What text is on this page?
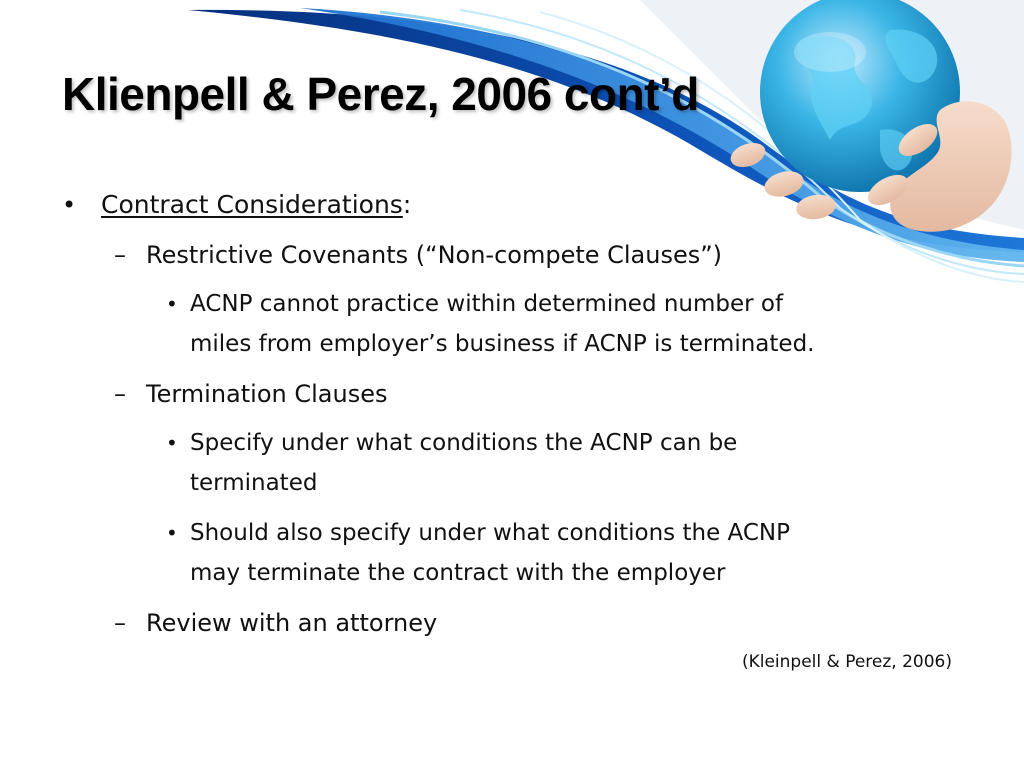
Klienpell & Perez, 2006 cont’d
• Contract Considerations:
– Restrictive Covenants (“Non-compete Clauses”)
• ACNP cannot practice within determined number of
miles from employer’s business if ACNP is terminated.
– Termination Clauses
• Specify under what conditions the ACNP can be
terminated
• Should also specify under what conditions the ACNP
may terminate the contract with the employer
– Review with an attorney
(Kleinpell & Perez, 2006)
